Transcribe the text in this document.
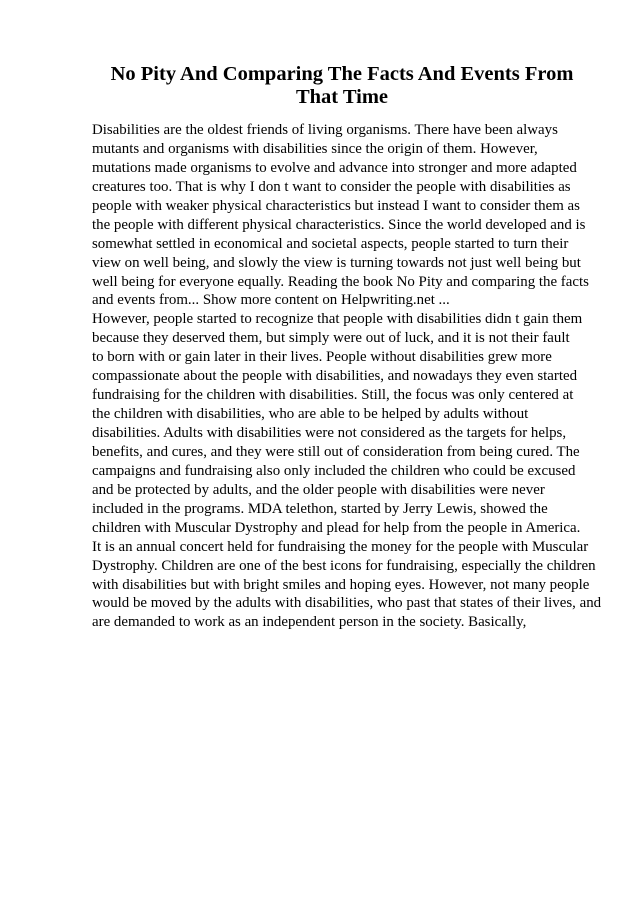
No Pity And Comparing The Facts And Events From That Time
Disabilities are the oldest friends of living organisms. There have been always
mutants and organisms with disabilities since the origin of them. However,
mutations made organisms to evolve and advance into stronger and more adapted
creatures too. That is why I don t want to consider the people with disabilities as
people with weaker physical characteristics but instead I want to consider them as
the people with different physical characteristics. Since the world developed and is
somewhat settled in economical and societal aspects, people started to turn their
view on well being, and slowly the view is turning towards not just well being but
well being for everyone equally. Reading the book No Pity and comparing the facts
and events from... Show more content on Helpwriting.net ...
However, people started to recognize that people with disabilities didn t gain them
because they deserved them, but simply were out of luck, and it is not their fault
to born with or gain later in their lives. People without disabilities grew more
compassionate about the people with disabilities, and nowadays they even started
fundraising for the children with disabilities. Still, the focus was only centered at
the children with disabilities, who are able to be helped by adults without
disabilities. Adults with disabilities were not considered as the targets for helps,
benefits, and cures, and they were still out of consideration from being cured. The
campaigns and fundraising also only included the children who could be excused
and be protected by adults, and the older people with disabilities were never
included in the programs. MDA telethon, started by Jerry Lewis, showed the
children with Muscular Dystrophy and plead for help from the people in America.
It is an annual concert held for fundraising the money for the people with Muscular
Dystrophy. Children are one of the best icons for fundraising, especially the children
with disabilities but with bright smiles and hoping eyes. However, not many people
would be moved by the adults with disabilities, who past that states of their lives, and
are demanded to work as an independent person in the society. Basically,
